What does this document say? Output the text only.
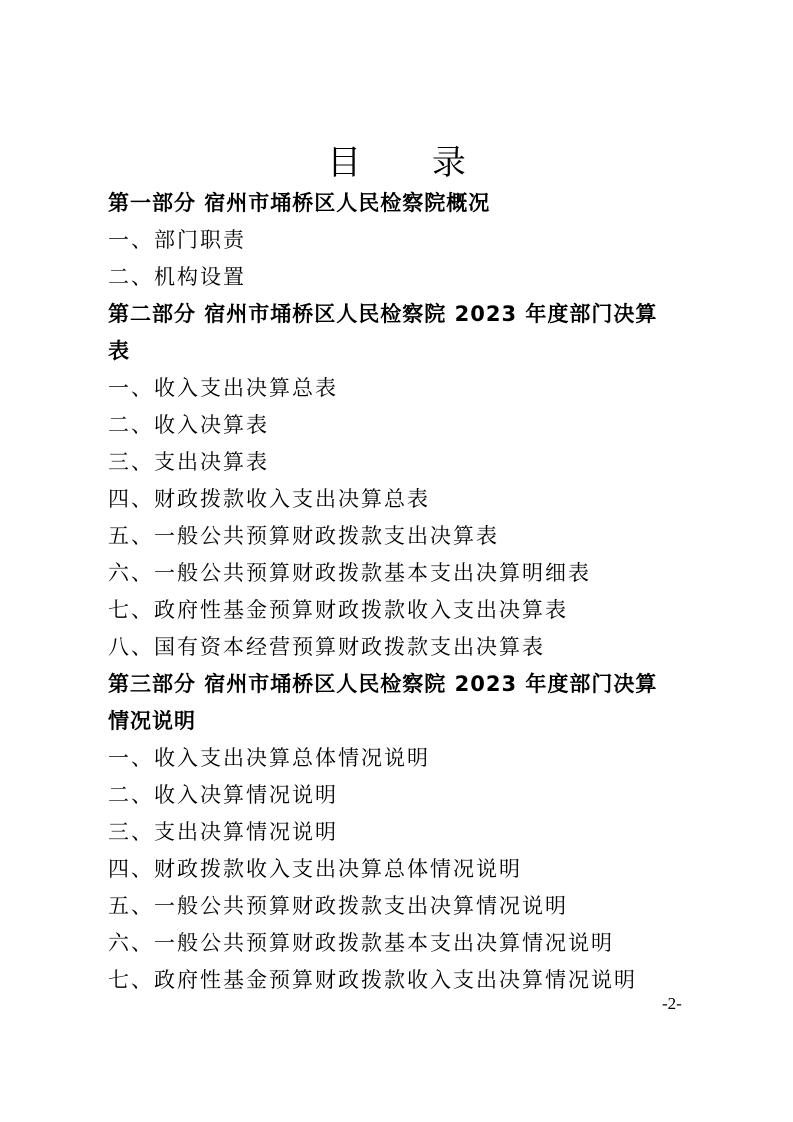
目 录
第一部分 宿州市埇桥区人民检察院概况
一、部门职责
二、机构设置
第二部分 宿州市埇桥区人民检察院 2023 年度部门决算
表
一、收入支出决算总表
二、收入决算表
三、支出决算表
四、财政拨款收入支出决算总表
五、一般公共预算财政拨款支出决算表
六、一般公共预算财政拨款基本支出决算明细表
七、政府性基金预算财政拨款收入支出决算表
八、国有资本经营预算财政拨款支出决算表
第三部分 宿州市埇桥区人民检察院 2023 年度部门决算
情况说明
一、收入支出决算总体情况说明
二、收入决算情况说明
三、支出决算情况说明
四、财政拨款收入支出决算总体情况说明
五、一般公共预算财政拨款支出决算情况说明
六、一般公共预算财政拨款基本支出决算情况说明
七、政府性基金预算财政拨款收入支出决算情况说明
-2-
